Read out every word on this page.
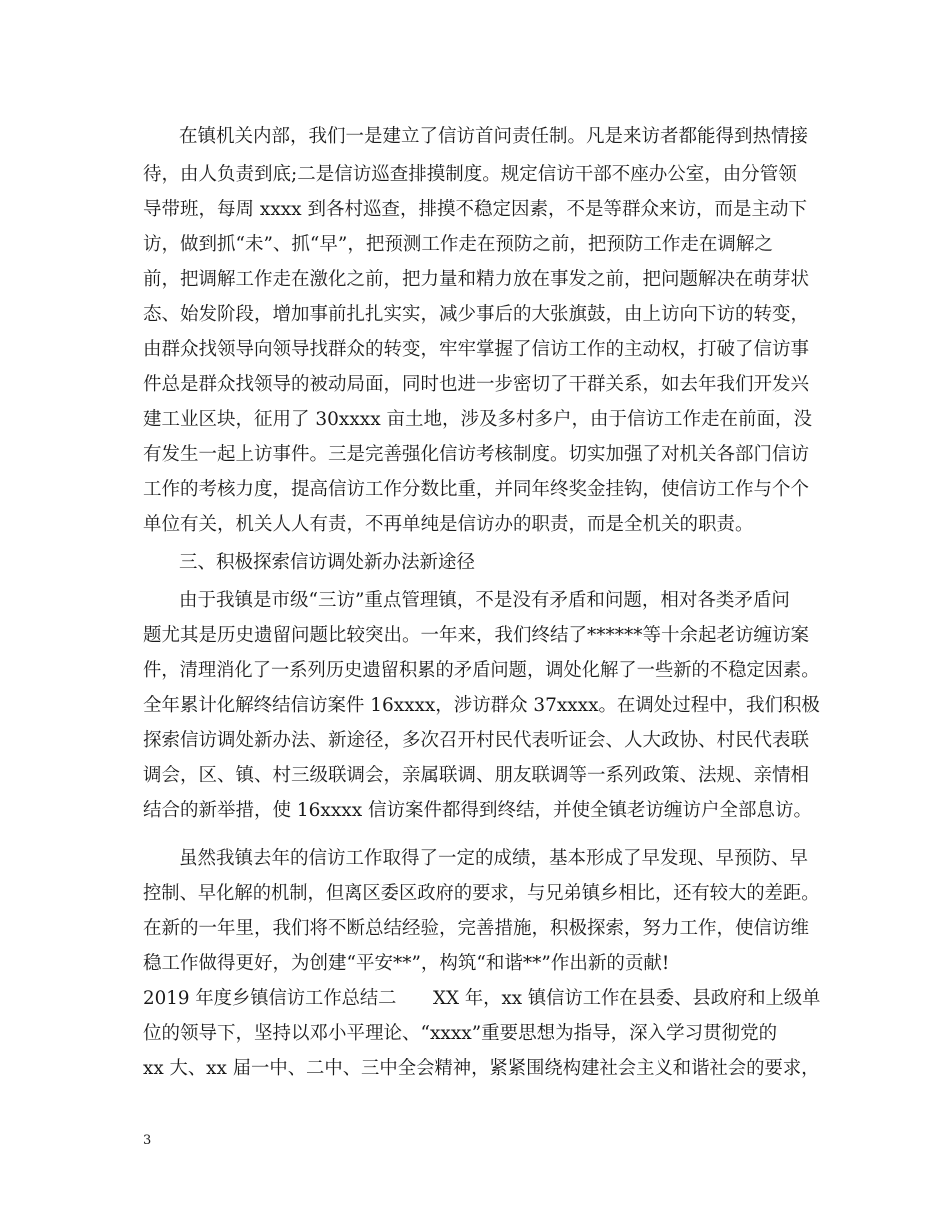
在镇机关内部，我们一是建立了信访首问责任制。凡是来访者都能得到热情接
待，由人负责到底;二是信访巡查排摸制度。规定信访干部不座办公室，由分管领
导带班，每周 xxxx 到各村巡查，排摸不稳定因素，不是等群众来访，而是主动下
访，做到抓“未”、抓“早”，把预测工作走在预防之前，把预防工作走在调解之
前，把调解工作走在激化之前，把力量和精力放在事发之前，把问题解决在萌芽状
态、始发阶段，增加事前扎扎实实，减少事后的大张旗鼓，由上访向下访的转变，
由群众找领导向领导找群众的转变，牢牢掌握了信访工作的主动权，打破了信访事
件总是群众找领导的被动局面，同时也进一步密切了干群关系，如去年我们开发兴
建工业区块，征用了 30xxxx 亩土地，涉及多村多户，由于信访工作走在前面，没
有发生一起上访事件。三是完善强化信访考核制度。切实加强了对机关各部门信访
工作的考核力度，提高信访工作分数比重，并同年终奖金挂钩，使信访工作与个个
单位有关，机关人人有责，不再单纯是信访办的职责，而是全机关的职责。
三、积极探索信访调处新办法新途径
由于我镇是市级“三访”重点管理镇，不是没有矛盾和问题，相对各类矛盾问
题尤其是历史遗留问题比较突出。一年来，我们终结了******等十余起老访缠访案
件，清理消化了一系列历史遗留积累的矛盾问题，调处化解了一些新的不稳定因素。
全年累计化解终结信访案件 16xxxx，涉访群众 37xxxx。在调处过程中，我们积极
探索信访调处新办法、新途径，多次召开村民代表听证会、人大政协、村民代表联
调会，区、镇、村三级联调会，亲属联调、朋友联调等一系列政策、法规、亲情相
结合的新举措，使 16xxxx 信访案件都得到终结，并使全镇老访缠访户全部息访。
虽然我镇去年的信访工作取得了一定的成绩，基本形成了早发现、早预防、早
控制、早化解的机制，但离区委区政府的要求，与兄弟镇乡相比，还有较大的差距。
在新的一年里，我们将不断总结经验，完善措施，积极探索，努力工作，使信访维
稳工作做得更好，为创建“平安**”，构筑“和谐**”作出新的贡献!
2019 年度乡镇信访工作总结二　　XX 年，xx 镇信访工作在县委、县政府和上级单
位的领导下，坚持以邓小平理论、“xxxx”重要思想为指导，深入学习贯彻党的
xx 大、xx 届一中、二中、三中全会精神，紧紧围绕构建社会主义和谐社会的要求，
3
